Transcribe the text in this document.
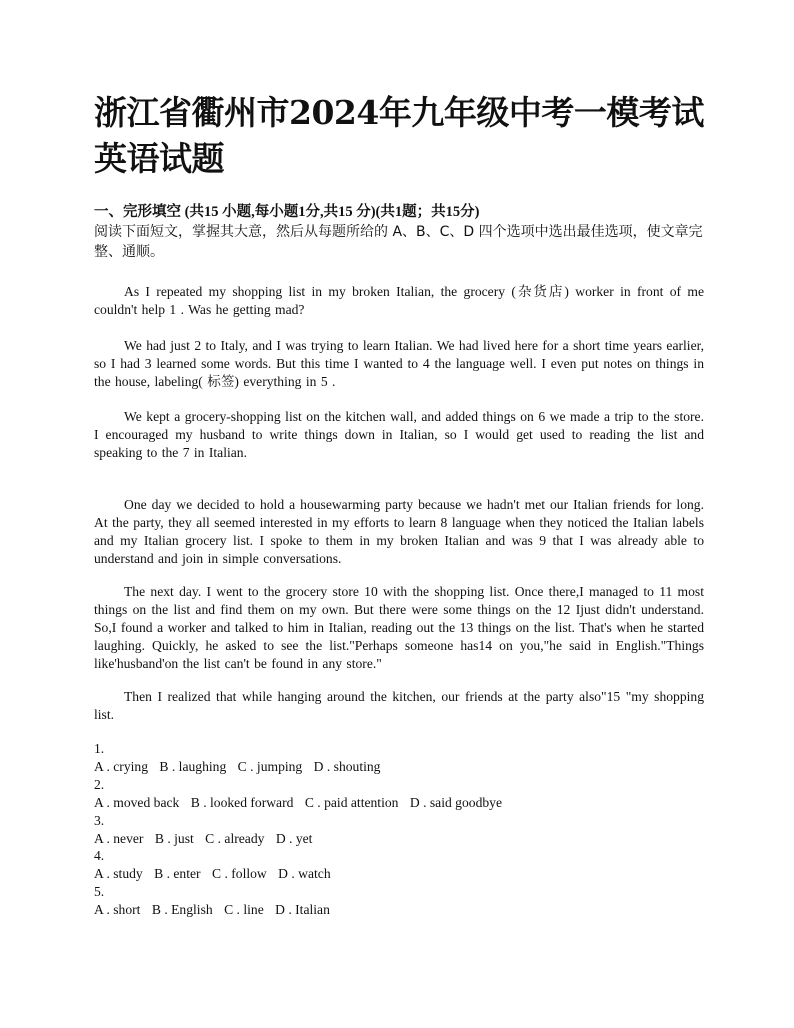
浙江省衢州市2024年九年级中考一模考试英语试题
一、完形填空 (共15 小题,每小题1分,共15 分)(共1题；共15分)
阅读下面短文，掌握其大意，然后从每题所给的 A、B、C、D 四个选项中选出最佳选项，使文章完整、通顺。
As I repeated my shopping list in my broken Italian, the grocery (杂货店) worker in front of me couldn't help 1 . Was he getting mad?
We had just 2 to Italy, and I was trying to learn Italian. We had lived here for a short time years earlier, so I had 3 learned some words. But this time I wanted to 4 the language well. I even put notes on things in the house, labeling( 标签) everything in 5 .
We kept a grocery-shopping list on the kitchen wall, and added things on 6 we made a trip to the store. I encouraged my husband to write things down in Italian, so I would get used to reading the list and speaking to the 7 in Italian.
One day we decided to hold a housewarming party because we hadn't met our Italian friends for long. At the party, they all seemed interested in my efforts to learn 8 language when they noticed the Italian labels and my Italian grocery list. I spoke to them in my broken Italian and was 9 that I was already able to understand and join in simple conversations.
The next day. I went to the grocery store 10 with the shopping list. Once there,I managed to 11 most things on the list and find them on my own. But there were some things on the 12 Ijust didn't understand. So,I found a worker and talked to him in Italian, reading out the 13 things on the list. That's when he started laughing. Quickly, he asked to see the list."Perhaps someone has14 on you,"he said in English."Things like'husband'on the list can't be found in any store."
Then I realized that while hanging around the kitchen, our friends at the party also"15 "my shopping list.
1.
A . crying B . laughing C . jumping D . shouting
2.
A . moved back B . looked forward C . paid attention D . said goodbye
3.
A . never B . just C . already D . yet
4.
A . study B . enter C . follow D . watch
5.
A . short B . English C . line D . Italian
